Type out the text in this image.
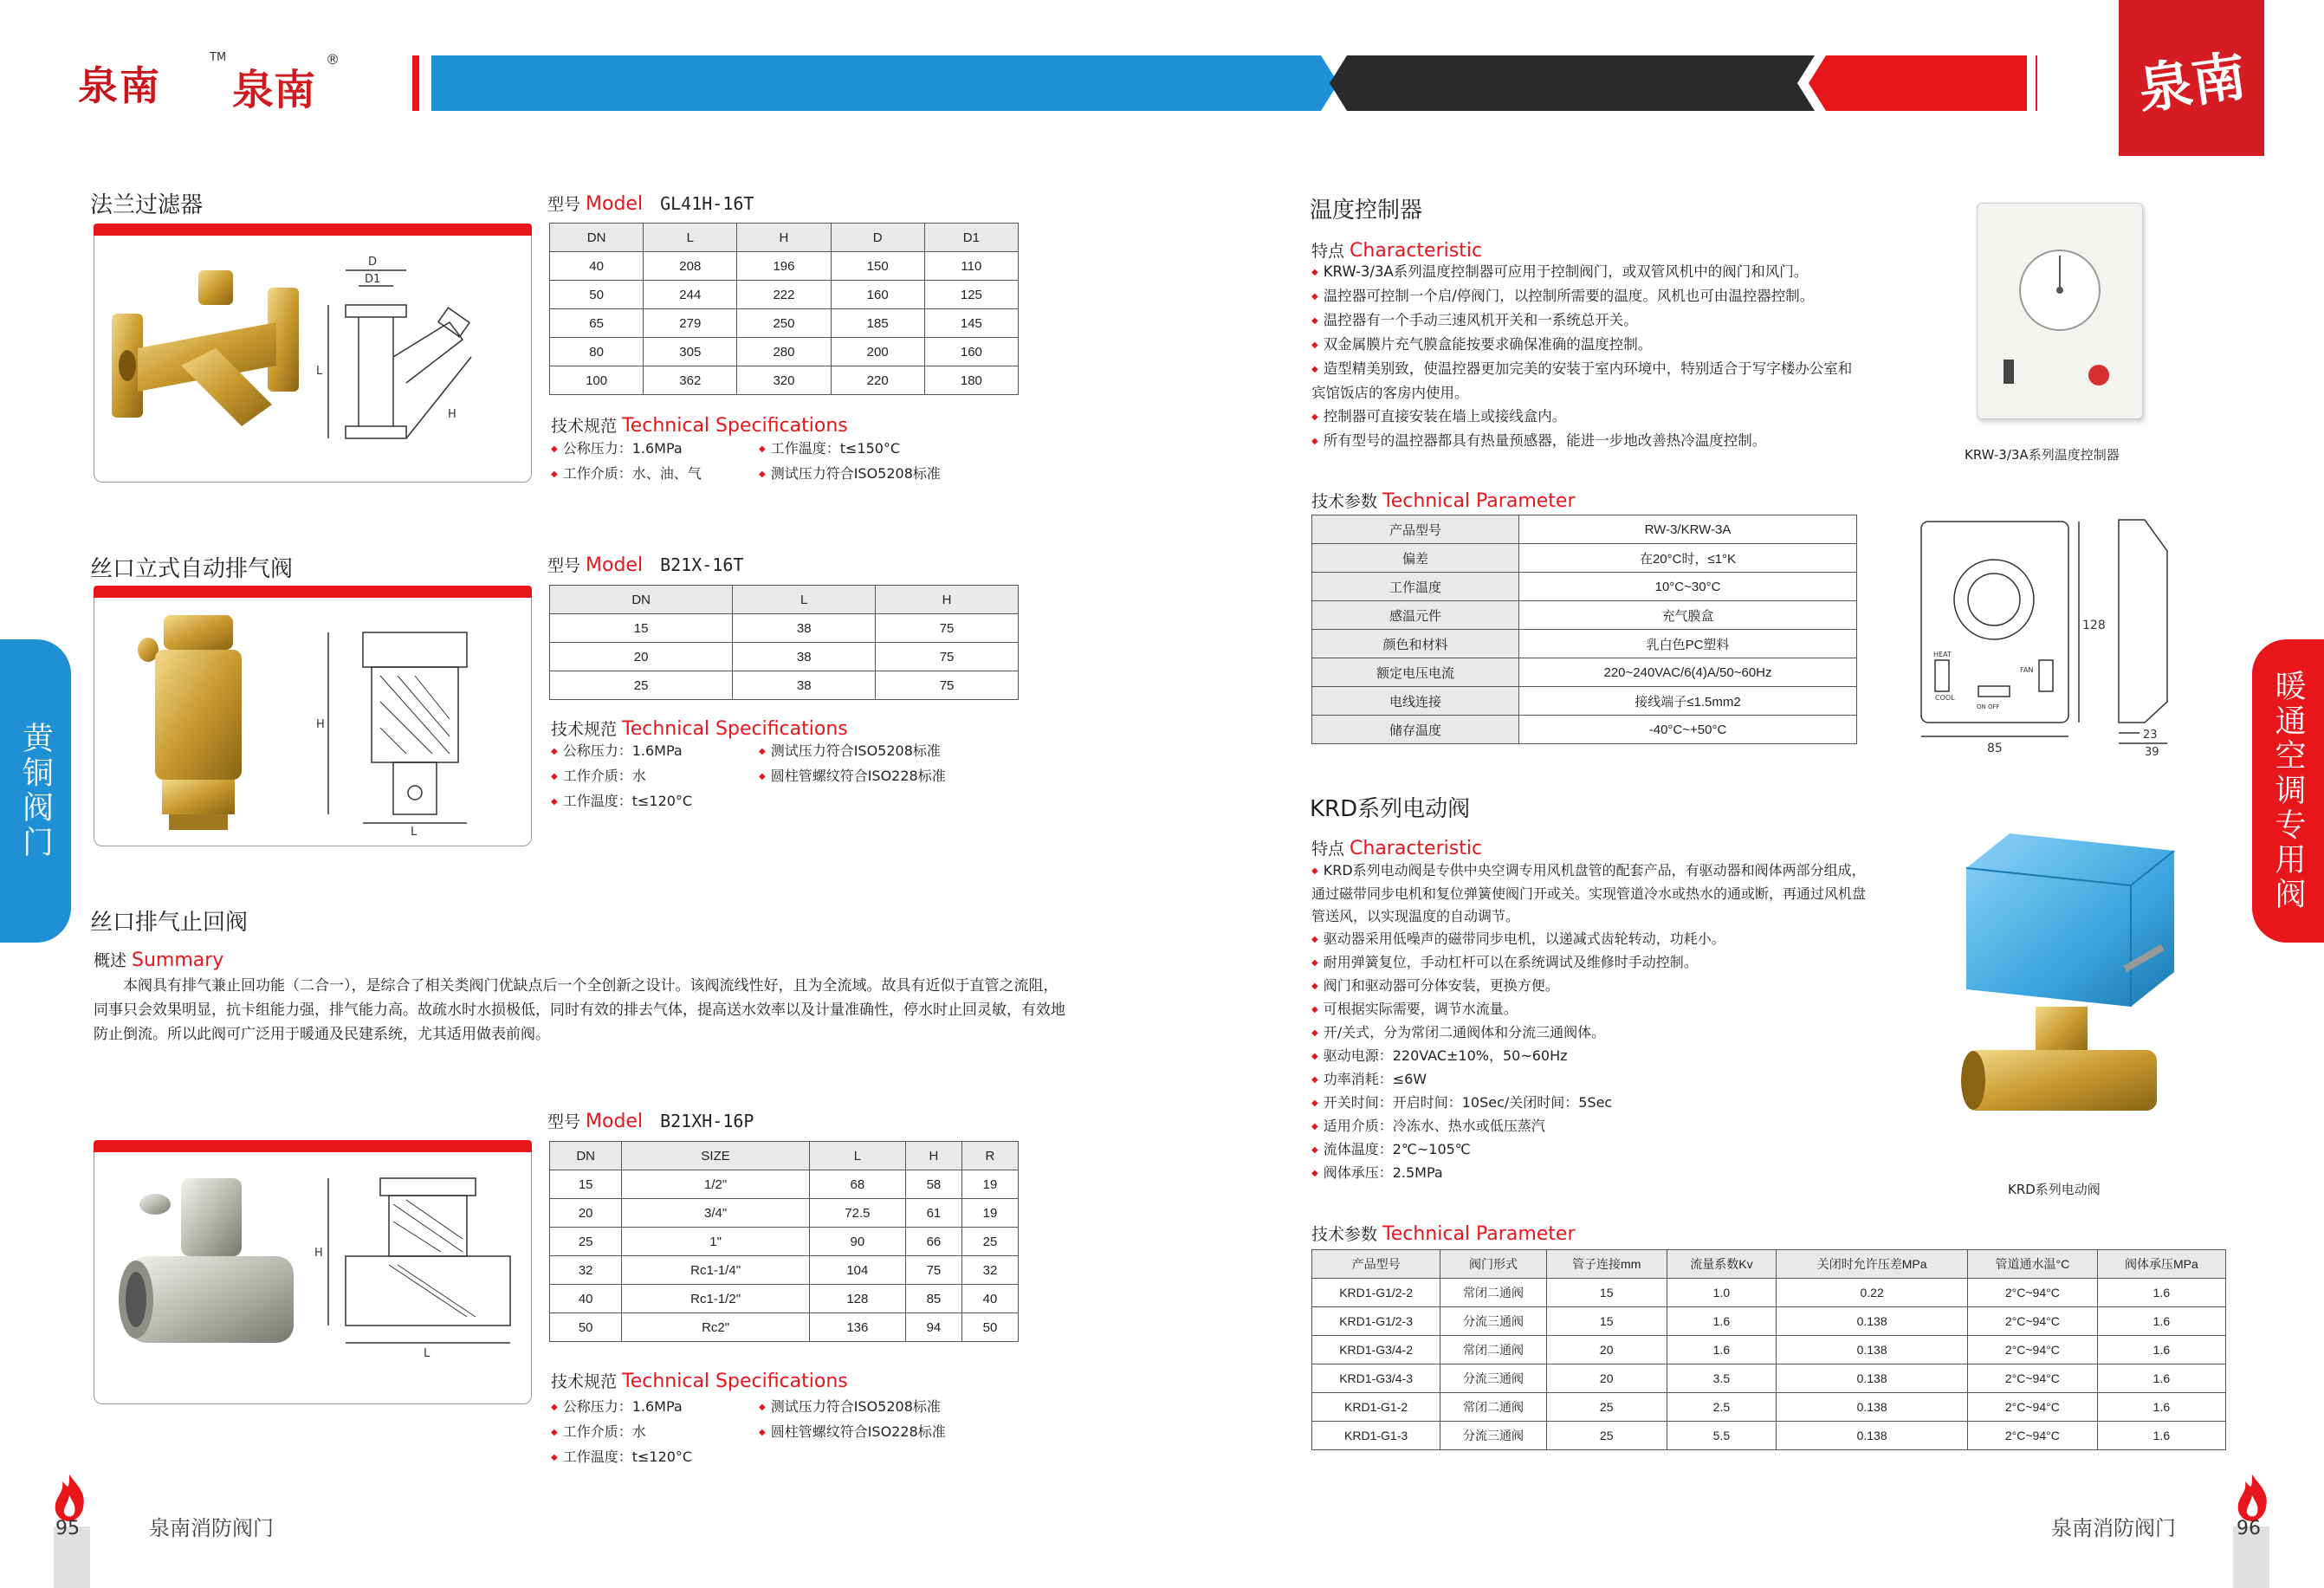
泉南
TM
泉南
®	泉南
黄铜阀门	暖通空调专用阀
法兰过滤器
D
D1
L
H
型号 Model GL41H-16T
DN	L	H	D	D1
40	208	196	150	110
50	244	222	160	125
65	279	250	185	145
80	305	280	200	160
100	362	320	220	180
技术规范 Technical Specifications
◆ 公称压力：1.6MPa	◆ 工作温度：t≤150°C
◆ 工作介质：水、油、气	◆ 测试压力符合ISO5208标准
丝口立式自动排气阀
H
L
型号 Model B21X-16T
DN	L	H
15	38	75
20	38	75
25	38	75
技术规范 Technical Specifications
◆ 公称压力：1.6MPa	◆ 测试压力符合ISO5208标准
◆ 工作介质：水	◆ 圆柱管螺纹符合ISO228标准
◆ 工作温度：t≤120°C
丝口排气止回阀
概述 Summary
本阀具有排气兼止回功能（二合一），是综合了相关类阀门优缺点后一个全创新之设计。该阀流线性好，且为全流域。故具有近似于直管之流阻，同事只会效果明显，抗卡组能力强，排气能力高。故疏水时水损极低，同时有效的排去气体，提高送水效率以及计量准确性，停水时止回灵敏，有效地防止倒流。所以此阀可广泛用于暖通及民建系统，尤其适用做表前阀。
H
L
型号 Model B21XH-16P
DN	SIZE	L	H	R
15	1/2"	68	58	19
20	3/4"	72.5	61	19
25	1"	90	66	25
32	Rc1-1/4"	104	75	32
40	Rc1-1/2"	128	85	40
50	Rc2"	136	94	50
技术规范 Technical Specifications
◆ 公称压力：1.6MPa	◆ 测试压力符合ISO5208标准
◆ 工作介质：水	◆ 圆柱管螺纹符合ISO228标准
◆ 工作温度：t≤120°C
95	泉南消防阀门
温度控制器
特点 Characteristic
◆ KRW-3/3A系列温度控制器可应用于控制阀门，或双管风机中的阀门和风门。
◆ 温控器可控制一个启/停阀门，以控制所需要的温度。风机也可由温控器控制。
◆ 温控器有一个手动三速风机开关和一系统总开关。
◆ 双金属膜片充气膜盒能按要求确保准确的温度控制。
◆ 造型精美别致，使温控器更加完美的安装于室内环境中，特别适合于写字楼办公室和宾馆饭店的客房内使用。
◆ 控制器可直接安装在墙上或接线盒内。
◆ 所有型号的温控器都具有热量预感器，能进一步地改善热冷温度控制。
KRW-3/3A系列温度控制器
技术参数 Technical Parameter
产品型号	RW-3/KRW-3A
偏差	在20°C时，≤1°K
工作温度	10°C~30°C
感温元件	充气膜盒
颜色和材料	乳白色PC塑料
额定电压电流	220~240VAC/6(4)A/50~60Hz
电线连接	接线端子≤1.5mm2
储存温度	-40°C~+50°C
HEAT
FAN
COOL
ON OFF
85
128
23
39
KRD系列电动阀
特点 Characteristic
◆ KRD系列电动阀是专供中央空调专用风机盘管的配套产品，有驱动器和阀体两部分组成，通过磁带同步电机和复位弹簧使阀门开或关。实现管道冷水或热水的通或断，再通过风机盘管送风，以实现温度的自动调节。
◆ 驱动器采用低噪声的磁带同步电机，以递减式齿轮转动，功耗小。
◆ 耐用弹簧复位，手动杠杆可以在系统调试及维修时手动控制。
◆ 阀门和驱动器可分体安装，更换方便。
◆ 可根据实际需要，调节水流量。
◆ 开/关式，分为常闭二通阀体和分流三通阀体。
◆ 驱动电源：220VAC±10%，50~60Hz
◆ 功率消耗：≤6W
◆ 开关时间：开启时间：10Sec/关闭时间：5Sec
◆ 适用介质：冷冻水、热水或低压蒸汽
◆ 流体温度：2℃~105℃
◆ 阀体承压：2.5MPa
KRD系列电动阀
技术参数 Technical Parameter
产品型号	阀门形式	管子连接mm	流量系数Kv	关闭时允许压差MPa	管道通水温°C	阀体承压MPa
KRD1-G1/2-2	常闭二通阀	15	1.0	0.22	2°C~94°C	1.6
KRD1-G1/2-3	分流三通阀	15	1.6	0.138	2°C~94°C	1.6
KRD1-G3/4-2	常闭二通阀	20	1.6	0.138	2°C~94°C	1.6
KRD1-G3/4-3	分流三通阀	20	3.5	0.138	2°C~94°C	1.6
KRD1-G1-2	常闭二通阀	25	2.5	0.138	2°C~94°C	1.6
KRD1-G1-3	分流三通阀	25	5.5	0.138	2°C~94°C	1.6
泉南消防阀门	96
